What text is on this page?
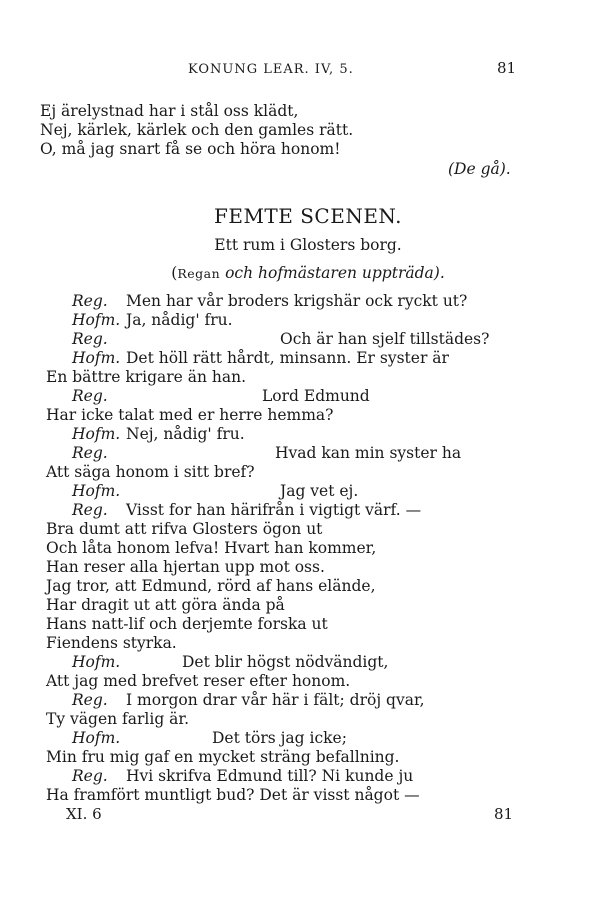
KONUNG LEAR. IV, 5.	81
Ej ärelystnad har i stål oss klädt,
Nej, kärlek, kärlek och den gamles rätt.
O, må jag snart få se och höra honom!
(De gå).
FEMTE SCENEN.
Ett rum i Glosters borg.
(Regan och hofmästaren uppträda).
Reg. Men har vår broders krigshär ock ryckt ut?
Hofm. Ja, nådig' fru.
Reg.	Och är han sjelf tillstädes?
Hofm. Det höll rätt hårdt, minsann. Er syster är
En bättre krigare än han.
Reg.	Lord Edmund
Har icke talat med er herre hemma?
Hofm. Nej, nådig' fru.
Reg.	Hvad kan min syster ha
Att säga honom i sitt bref?
Hofm.	Jag vet ej.
Reg. Visst for han härifrån i vigtigt värf. —
Bra dumt att rifva Glosters ögon ut
Och låta honom lefva! Hvart han kommer,
Han reser alla hjertan upp mot oss.
Jag tror, att Edmund, rörd af hans elände,
Har dragit ut att göra ända på
Hans natt-lif och derjemte forska ut
Fiendens styrka.
Hofm.	Det blir högst nödvändigt,
Att jag med brefvet reser efter honom.
Reg. I morgon drar vår här i fält; dröj qvar,
Ty vägen farlig är.
Hofm.	Det törs jag icke;
Min fru mig gaf en mycket sträng befallning.
Reg. Hvi skrifva Edmund till? Ni kunde ju
Ha framfört muntligt bud? Det är visst något —
XI. 6	81
